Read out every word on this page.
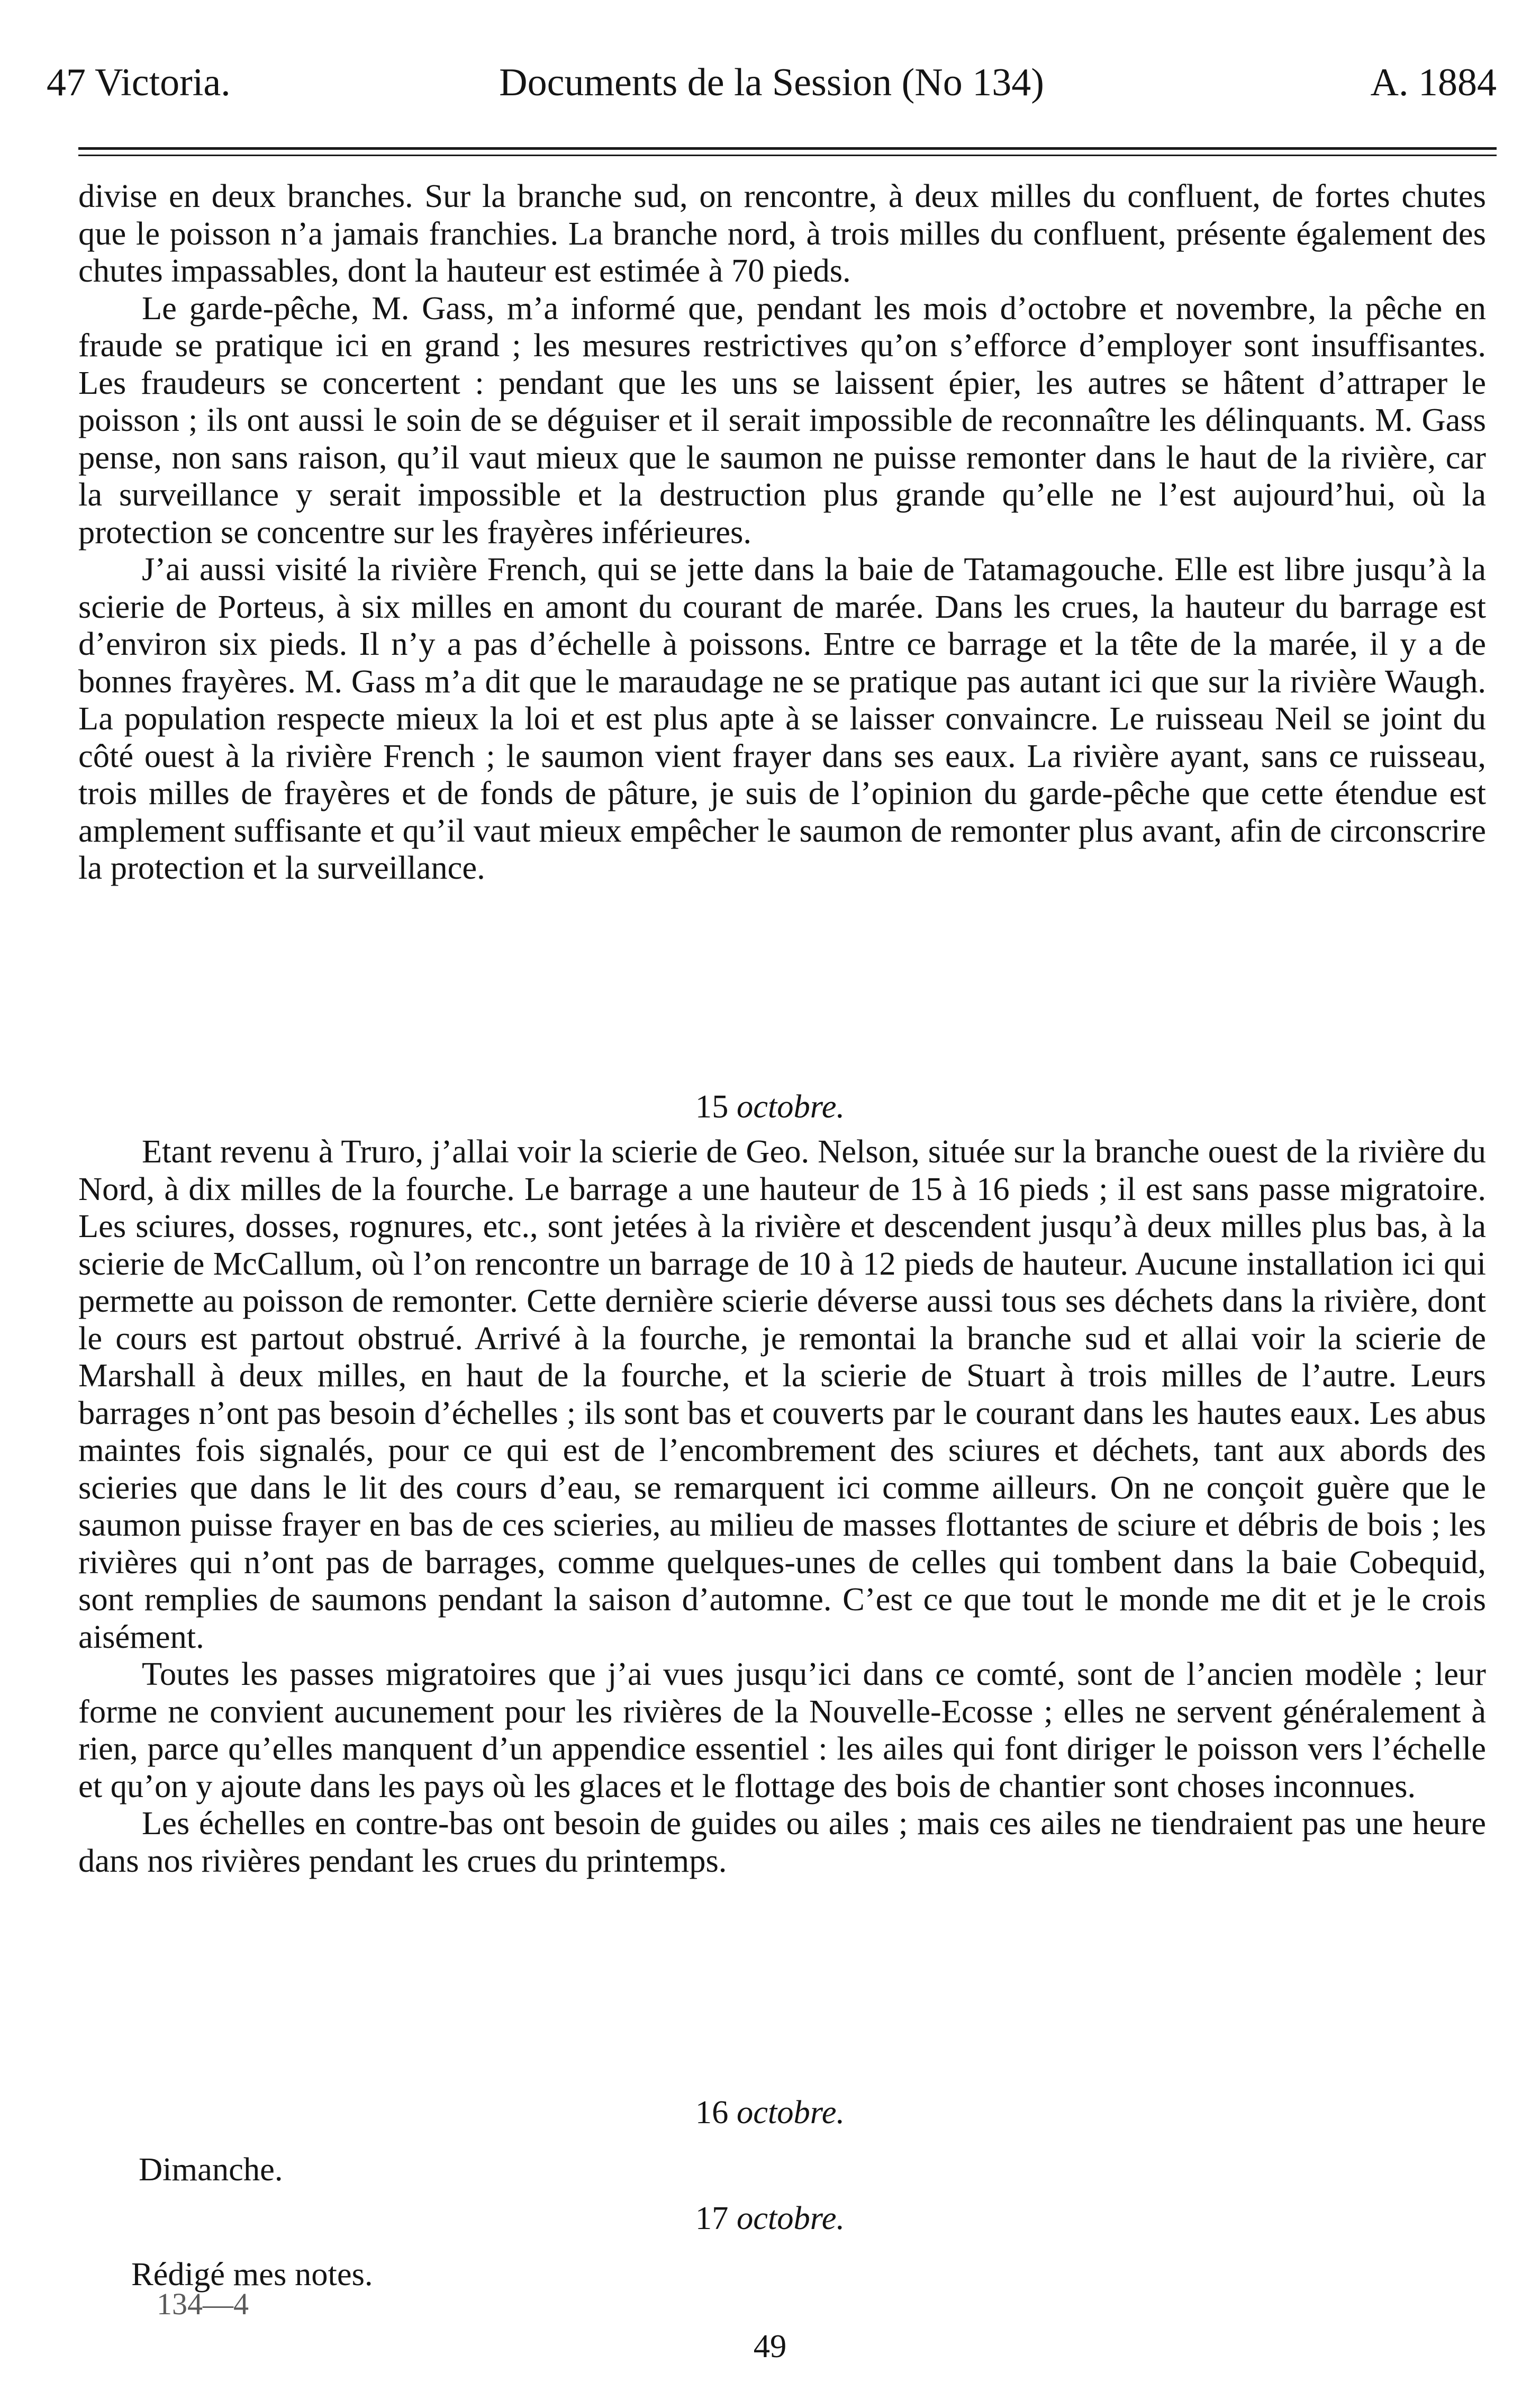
47 Victoria.	Documents de la Session (No 134)	A. 1884

divise en deux branches. Sur la branche sud, on rencontre, à deux milles du confluent, de fortes chutes que le poisson n’a jamais franchies. La branche nord, à trois milles du confluent, présente également des chutes impassables, dont la hauteur est estimée à 70 pieds.

Le garde-pêche, M. Gass, m’a informé que, pendant les mois d’octobre et novembre, la pêche en fraude se pratique ici en grand ; les mesures restrictives qu’on s’efforce d’employer sont insuffisantes. Les fraudeurs se concertent : pendant que les uns se laissent épier, les autres se hâtent d’attraper le poisson ; ils ont aussi le soin de se déguiser et il serait impossible de reconnaître les délinquants. M. Gass pense, non sans raison, qu’il vaut mieux que le saumon ne puisse remonter dans le haut de la rivière, car la surveillance y serait impossible et la destruction plus grande qu’elle ne l’est aujourd’hui, où la protection se concentre sur les frayères inférieures.

J’ai aussi visité la rivière French, qui se jette dans la baie de Tatamagouche. Elle est libre jusqu’à la scierie de Porteus, à six milles en amont du courant de marée. Dans les crues, la hauteur du barrage est d’environ six pieds. Il n’y a pas d’échelle à poissons. Entre ce barrage et la tête de la marée, il y a de bonnes frayères. M. Gass m’a dit que le maraudage ne se pratique pas autant ici que sur la rivière Waugh. La population respecte mieux la loi et est plus apte à se laisser convaincre. Le ruisseau Neil se joint du côté ouest à la rivière French ; le saumon vient frayer dans ses eaux. La rivière ayant, sans ce ruisseau, trois milles de frayères et de fonds de pâture, je suis de l’opinion du garde-pêche que cette étendue est amplement suffisante et qu’il vaut mieux empêcher le saumon de remonter plus avant, afin de circonscrire la protection et la surveillance.

15 octobre.

Etant revenu à Truro, j’allai voir la scierie de Geo. Nelson, située sur la branche ouest de la rivière du Nord, à dix milles de la fourche. Le barrage a une hauteur de 15 à 16 pieds ; il est sans passe migratoire. Les sciures, dosses, rognures, etc., sont jetées à la rivière et descendent jusqu’à deux milles plus bas, à la scierie de McCallum, où l’on rencontre un barrage de 10 à 12 pieds de hauteur. Aucune installation ici qui permette au poisson de remonter. Cette dernière scierie déverse aussi tous ses déchets dans la rivière, dont le cours est partout obstrué. Arrivé à la fourche, je remontai la branche sud et allai voir la scierie de Marshall à deux milles, en haut de la fourche, et la scierie de Stuart à trois milles de l’autre. Leurs barrages n’ont pas besoin d’échelles ; ils sont bas et couverts par le courant dans les hautes eaux. Les abus maintes fois signalés, pour ce qui est de l’encombrement des sciures et déchets, tant aux abords des scieries que dans le lit des cours d’eau, se remarquent ici comme ailleurs. On ne conçoit guère que le saumon puisse frayer en bas de ces scieries, au milieu de masses flottantes de sciure et débris de bois ; les rivières qui n’ont pas de barrages, comme quelques-unes de celles qui tombent dans la baie Cobequid, sont remplies de saumons pendant la saison d’automne. C’est ce que tout le monde me dit et je le crois aisément.

Toutes les passes migratoires que j’ai vues jusqu’ici dans ce comté, sont de l’ancien modèle ; leur forme ne convient aucunement pour les rivières de la Nouvelle-Ecosse ; elles ne servent généralement à rien, parce qu’elles manquent d’un appendice essentiel : les ailes qui font diriger le poisson vers l’échelle et qu’on y ajoute dans les pays où les glaces et le flottage des bois de chantier sont choses inconnues.

Les échelles en contre-bas ont besoin de guides ou ailes ; mais ces ailes ne tiendraient pas une heure dans nos rivières pendant les crues du printemps.

16 octobre.
Dimanche.
17 octobre.
Rédigé mes notes.
134—4
49
